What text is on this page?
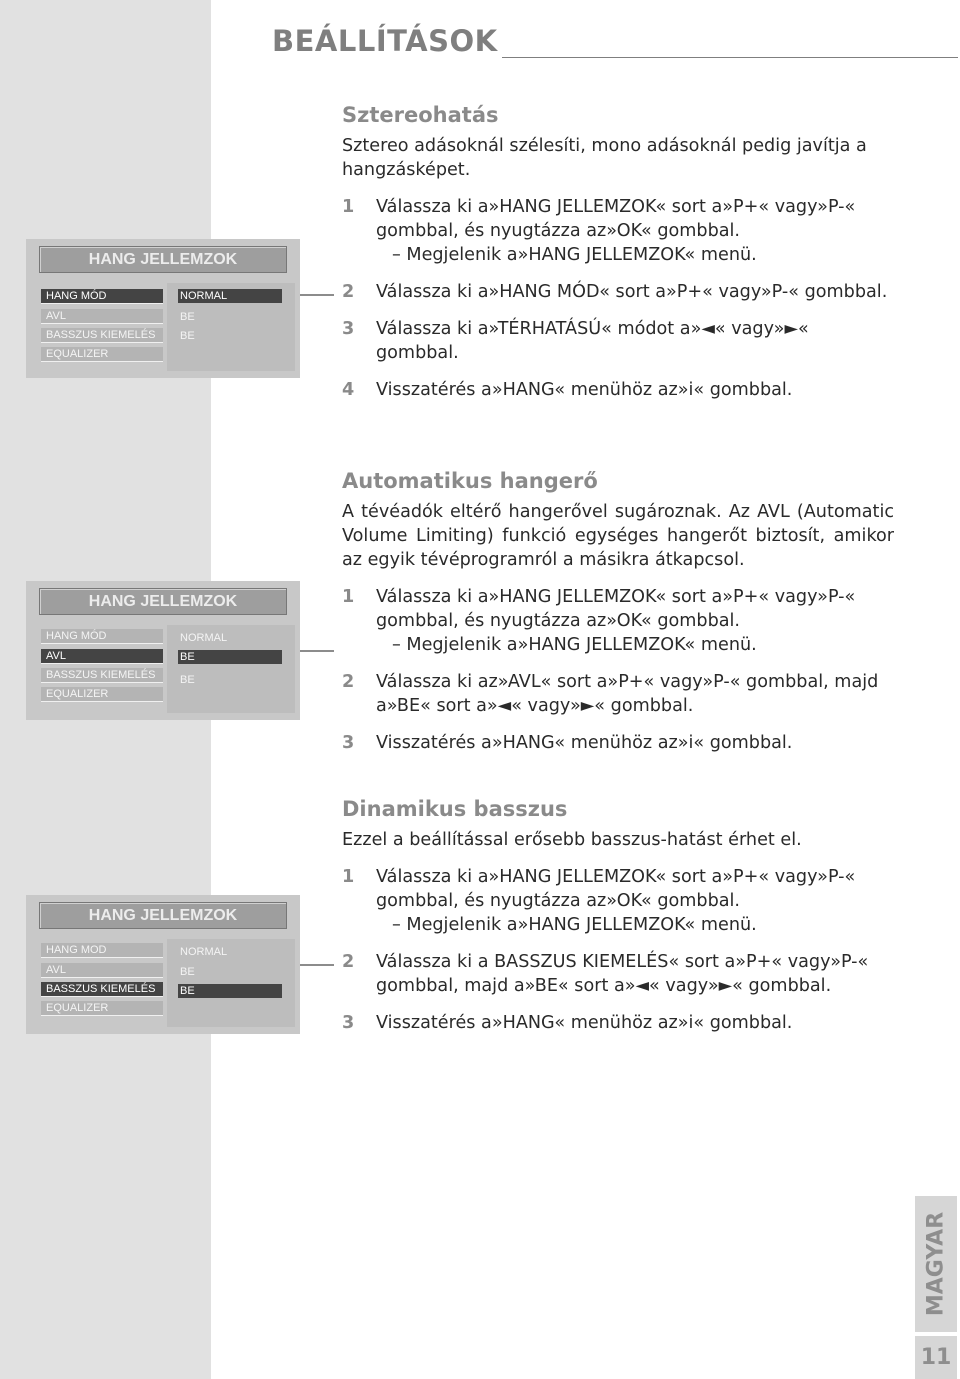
BEÁLLÍTÁSOK
Sztereohatás

Sztereo adásoknál szélesíti, mono adásoknál pedig javítja a hangzásképet.

1 Válassza ki a»HANG JELLEMZOK« sort a»P+« vagy»P-« gombbal, és nyugtázza az»OK« gombbal.
– Megjelenik a»HANG JELLEMZOK« menü.
2 Válassza ki a»HANG MÓD« sort a»P+« vagy»P-« gombbal.
3 Válassza ki a»TÉRHATÁSÚ« módot a»◄« vagy»►« gombbal.
4 Visszatérés a»HANG« menühöz az»i« gombbal.
Automatikus hangerő

A tévéadók eltérő hangerővel sugároznak. Az AVL (Automatic Volume Limiting) funkció egységes hangerőt biztosít, amikor az egyik tévéprogramról a másikra átkapcsol.

1 Válassza ki a»HANG JELLEMZOK« sort a»P+« vagy»P-« gombbal, és nyugtázza az»OK« gombbal.
– Megjelenik a»HANG JELLEMZOK« menü.
2 Válassza ki az»AVL« sort a»P+« vagy»P-« gombbal, majd a»BE« sort a»◄« vagy»►« gombbal.
3 Visszatérés a»HANG« menühöz az»i« gombbal.
Dinamikus basszus

Ezzel a beállítással erősebb basszus-hatást érhet el.

1 Válassza ki a»HANG JELLEMZOK« sort a»P+« vagy»P-« gombbal, és nyugtázza az»OK« gombbal.
– Megjelenik a»HANG JELLEMZOK« menü.
2 Válassza ki a BASSZUS KIEMELÉS« sort a»P+« vagy»P-« gombbal, majd a»BE« sort a»◄« vagy»►« gombbal.
3 Visszatérés a»HANG« menühöz az»i« gombbal.
HANG JELLEMZOK
HANG MÓD
AVL
BASSZUS KIEMELÉS
EQUALIZER
NORMAL
BE
BE
HANG JELLEMZOK
HANG MÓD
AVL
BASSZUS KIEMELÉS
EQUALIZER
NORMAL
BE
BE
HANG JELLEMZOK
HANG MOD
AVL
BASSZUS KIEMELÉS
EQUALIZER
NORMAL
BE
BE
MAGYAR
11
